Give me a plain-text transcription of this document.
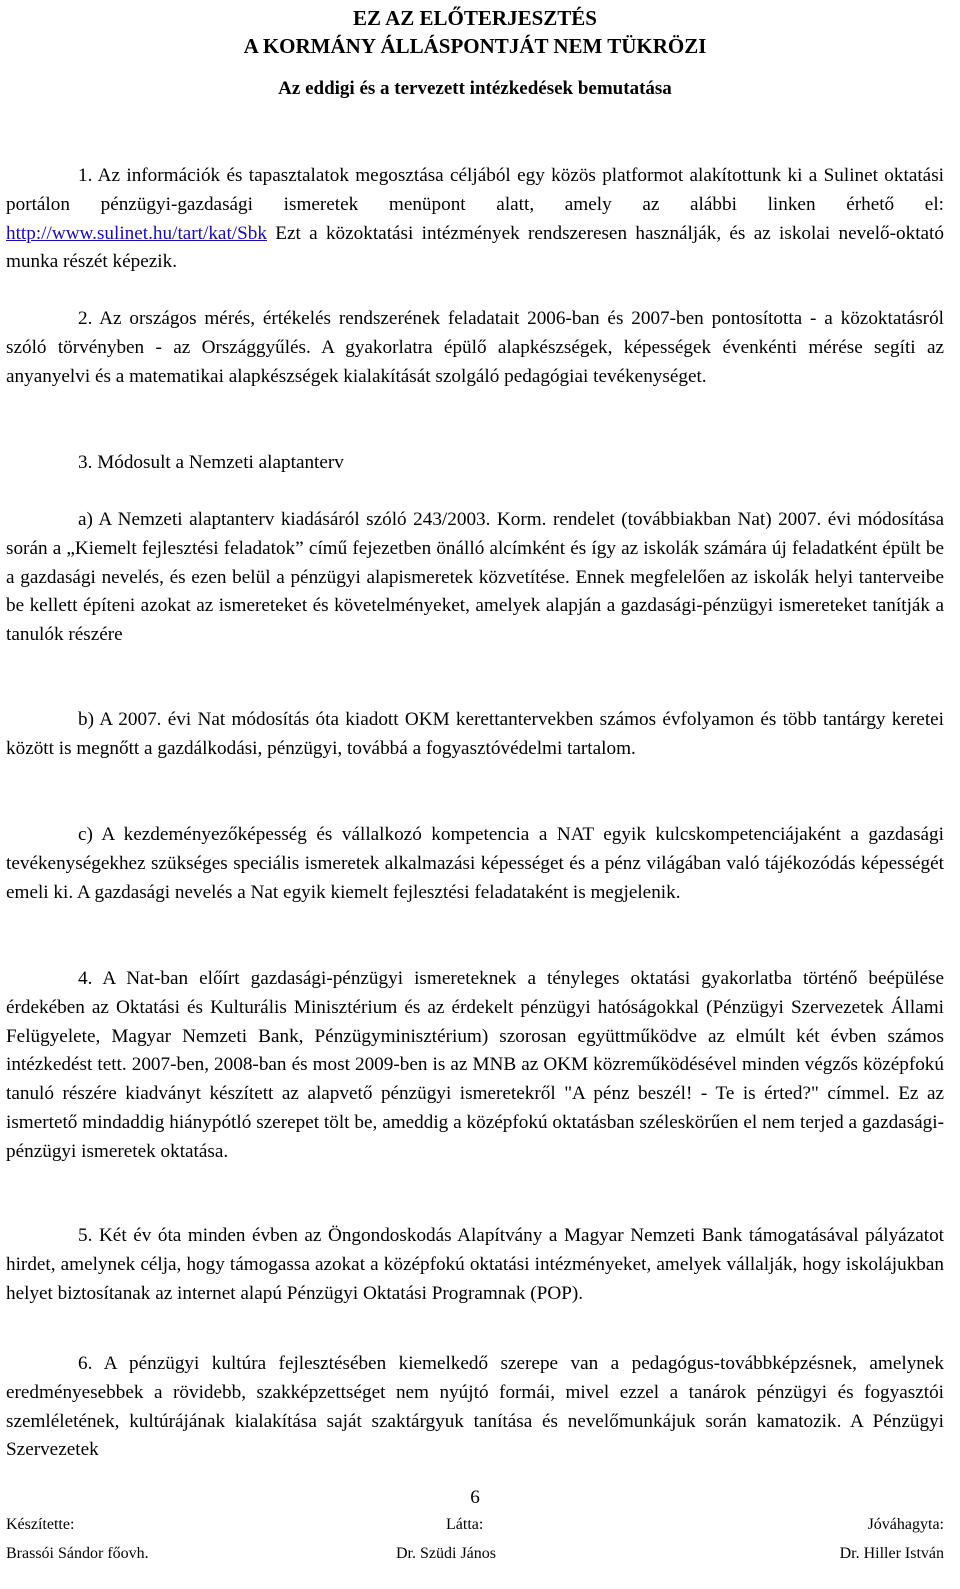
EZ AZ ELŐTERJESZTÉS
A KORMÁNY ÁLLÁSPONTJÁT NEM TÜKRÖZI
Az eddigi és a tervezett intézkedések bemutatása
1. Az információk és tapasztalatok megosztása céljából egy közös platformot alakítottunk ki a Sulinet oktatási portálon pénzügyi-gazdasági ismeretek menüpont alatt, amely az alábbi linken érhető el: http://www.sulinet.hu/tart/kat/Sbk Ezt a közoktatási intézmények rendszeresen használják, és az iskolai nevelő-oktató munka részét képezik.
2. Az országos mérés, értékelés rendszerének feladatait 2006-ban és 2007-ben pontosította - a közoktatásról szóló törvényben - az Országgyűlés. A gyakorlatra épülő alapkészségek, képességek évenkénti mérése segíti az anyanyelvi és a matematikai alapkészségek kialakítását szolgáló pedagógiai tevékenységet.
3. Módosult a Nemzeti alaptanterv
a) A Nemzeti alaptanterv kiadásáról szóló 243/2003. Korm. rendelet (továbbiakban Nat) 2007. évi módosítása során a „Kiemelt fejlesztési feladatok” című fejezetben önálló alcímként és így az iskolák számára új feladatként épült be a gazdasági nevelés, és ezen belül a pénzügyi alapismeretek közvetítése. Ennek megfelelően az iskolák helyi tanterveibe be kellett építeni azokat az ismereteket és követelményeket, amelyek alapján a gazdasági-pénzügyi ismereteket tanítják a tanulók részére
b) A 2007. évi Nat módosítás óta kiadott OKM kerettantervekben számos évfolyamon és több tantárgy keretei között is megnőtt a gazdálkodási, pénzügyi, továbbá a fogyasztóvédelmi tartalom.
c) A kezdeményezőképesség és vállalkozó kompetencia a NAT egyik kulcskompetenciájaként a gazdasági tevékenységekhez szükséges speciális ismeretek alkalmazási képességet és a pénz világában való tájékozódás képességét emeli ki. A gazdasági nevelés a Nat egyik kiemelt fejlesztési feladataként is megjelenik.
4. A Nat-ban előírt gazdasági-pénzügyi ismereteknek a tényleges oktatási gyakorlatba történő beépülése érdekében az Oktatási és Kulturális Minisztérium és az érdekelt pénzügyi hatóságokkal (Pénzügyi Szervezetek Állami Felügyelete, Magyar Nemzeti Bank, Pénzügyminisztérium) szorosan együttműködve az elmúlt két évben számos intézkedést tett. 2007-ben, 2008-ban és most 2009-ben is az MNB az OKM közreműködésével minden végzős középfokú tanuló részére kiadványt készített az alapvető pénzügyi ismeretekről "A pénz beszél! - Te is érted?" címmel. Ez az ismertető mindaddig hiánypótló szerepet tölt be, ameddig a középfokú oktatásban széleskörűen el nem terjed a gazdasági-pénzügyi ismeretek oktatása.
5. Két év óta minden évben az Öngondoskodás Alapítvány a Magyar Nemzeti Bank támogatásával pályázatot hirdet, amelynek célja, hogy támogassa azokat a középfokú oktatási intézményeket, amelyek vállalják, hogy iskolájukban helyet biztosítanak az internet alapú Pénzügyi Oktatási Programnak (POP).
6. A pénzügyi kultúra fejlesztésében kiemelkedő szerepe van a pedagógus-továbbképzésnek, amelynek eredményesebbek a rövidebb, szakképzettséget nem nyújtó formái, mivel ezzel a tanárok pénzügyi és fogyasztói szemléletének, kultúrájának kialakítása saját szaktárgyuk tanítása és nevelőmunkájuk során kamatozik. A Pénzügyi Szervezetek
6
Készítette:	Látta:	Jóváhagyta:
Brassói Sándor főovh.	Dr. Szüdi János	Dr. Hiller István
